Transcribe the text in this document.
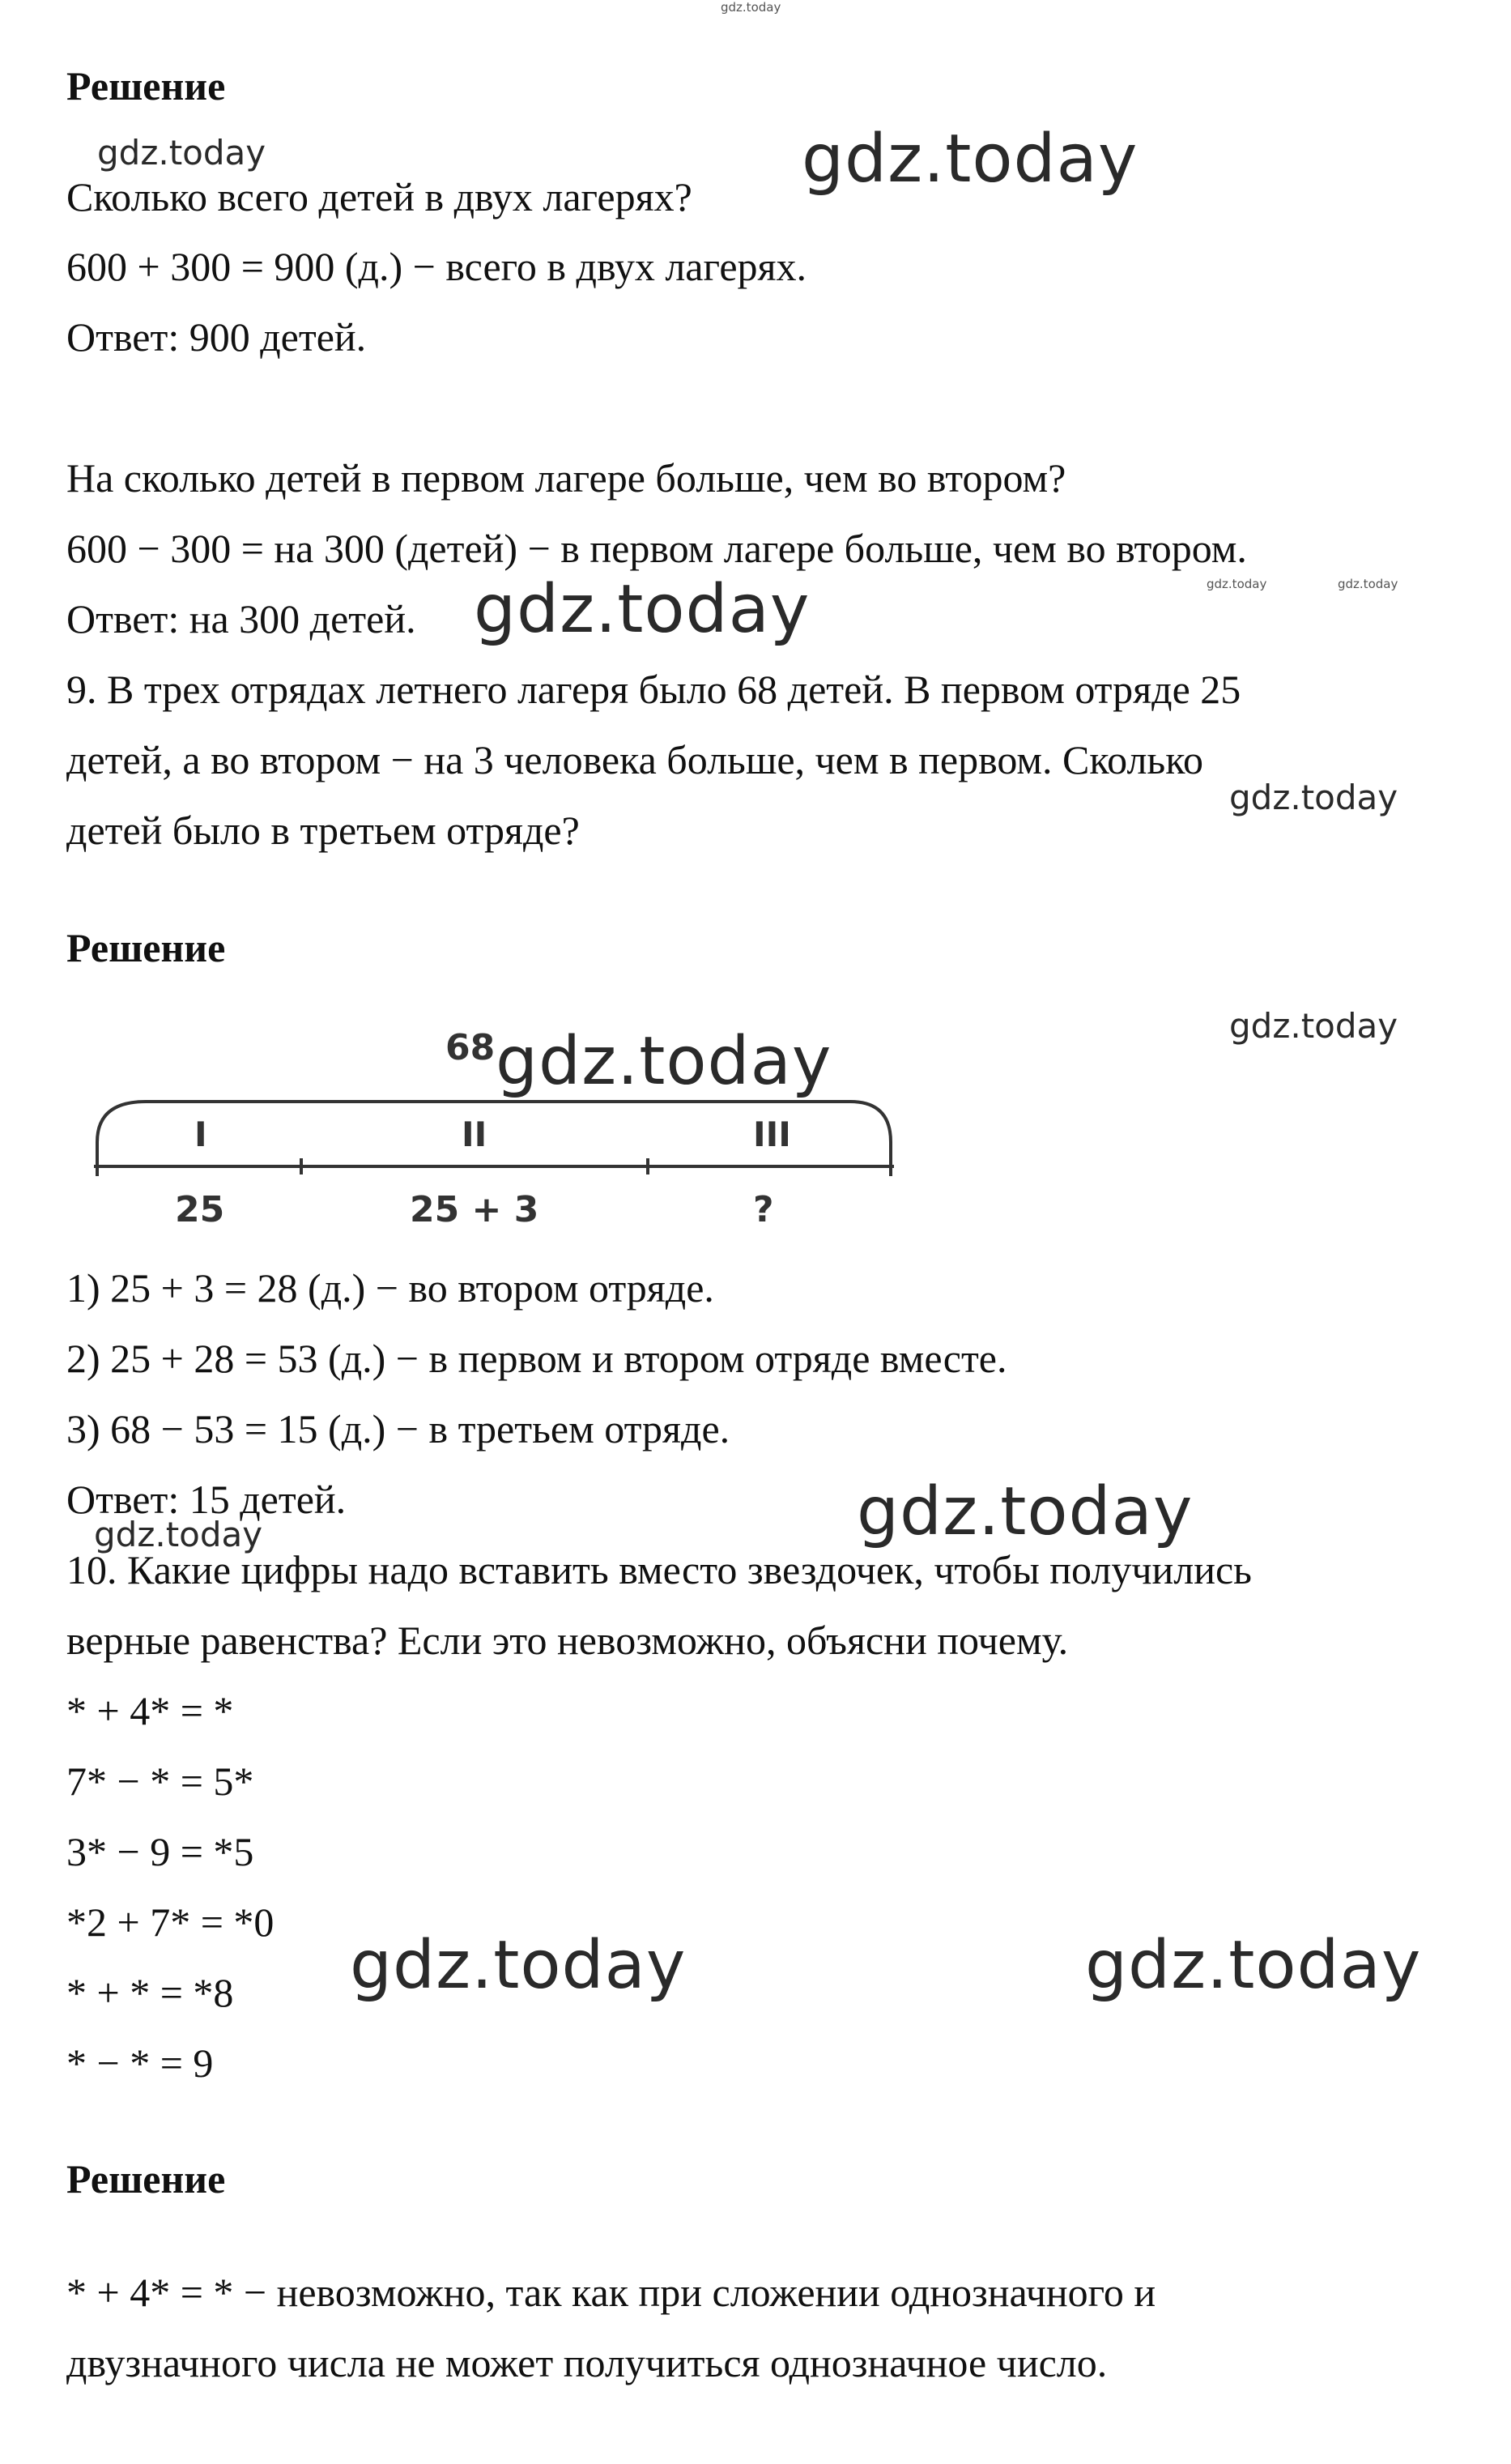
gdz.today
Решение
Сколько всего детей в двух лагерях?
600 + 300 = 900 (д.) − всего в двух лагерях.
Ответ: 900 детей.
На сколько детей в первом лагере больше, чем во втором?
600 − 300 = на 300 (детей) − в первом лагере больше, чем во втором.
Ответ: на 300 детей.
9. В трех отрядах летнего лагеря было 68 детей. В первом отряде 25
детей, а во втором − на 3 человека больше, чем в первом. Сколько
детей было в третьем отряде?
Решение
68
I	II	III
25	25 + 3	?
1) 25 + 3 = 28 (д.) − во втором отряде.
2) 25 + 28 = 53 (д.) − в первом и втором отряде вместе.
3) 68 − 53 = 15 (д.) − в третьем отряде.
Ответ: 15 детей.
10. Какие цифры надо вставить вместо звездочек, чтобы получились
верные равенства? Если это невозможно, объясни почему.
* + 4* = *
7* − * = 5*
3* − 9 = *5
*2 + 7* = *0
* + * = *8
* − * = 9
Решение
* + 4* = * − невозможно, так как при сложении однозначного и
двузначного числа не может получиться однозначное число.
gdz.today	gdz.today
gdz.today	gdz.today	gdz.today
gdz.today
gdz.today
gdz.today
gdz.today
gdz.today
gdz.today	gdz.today
